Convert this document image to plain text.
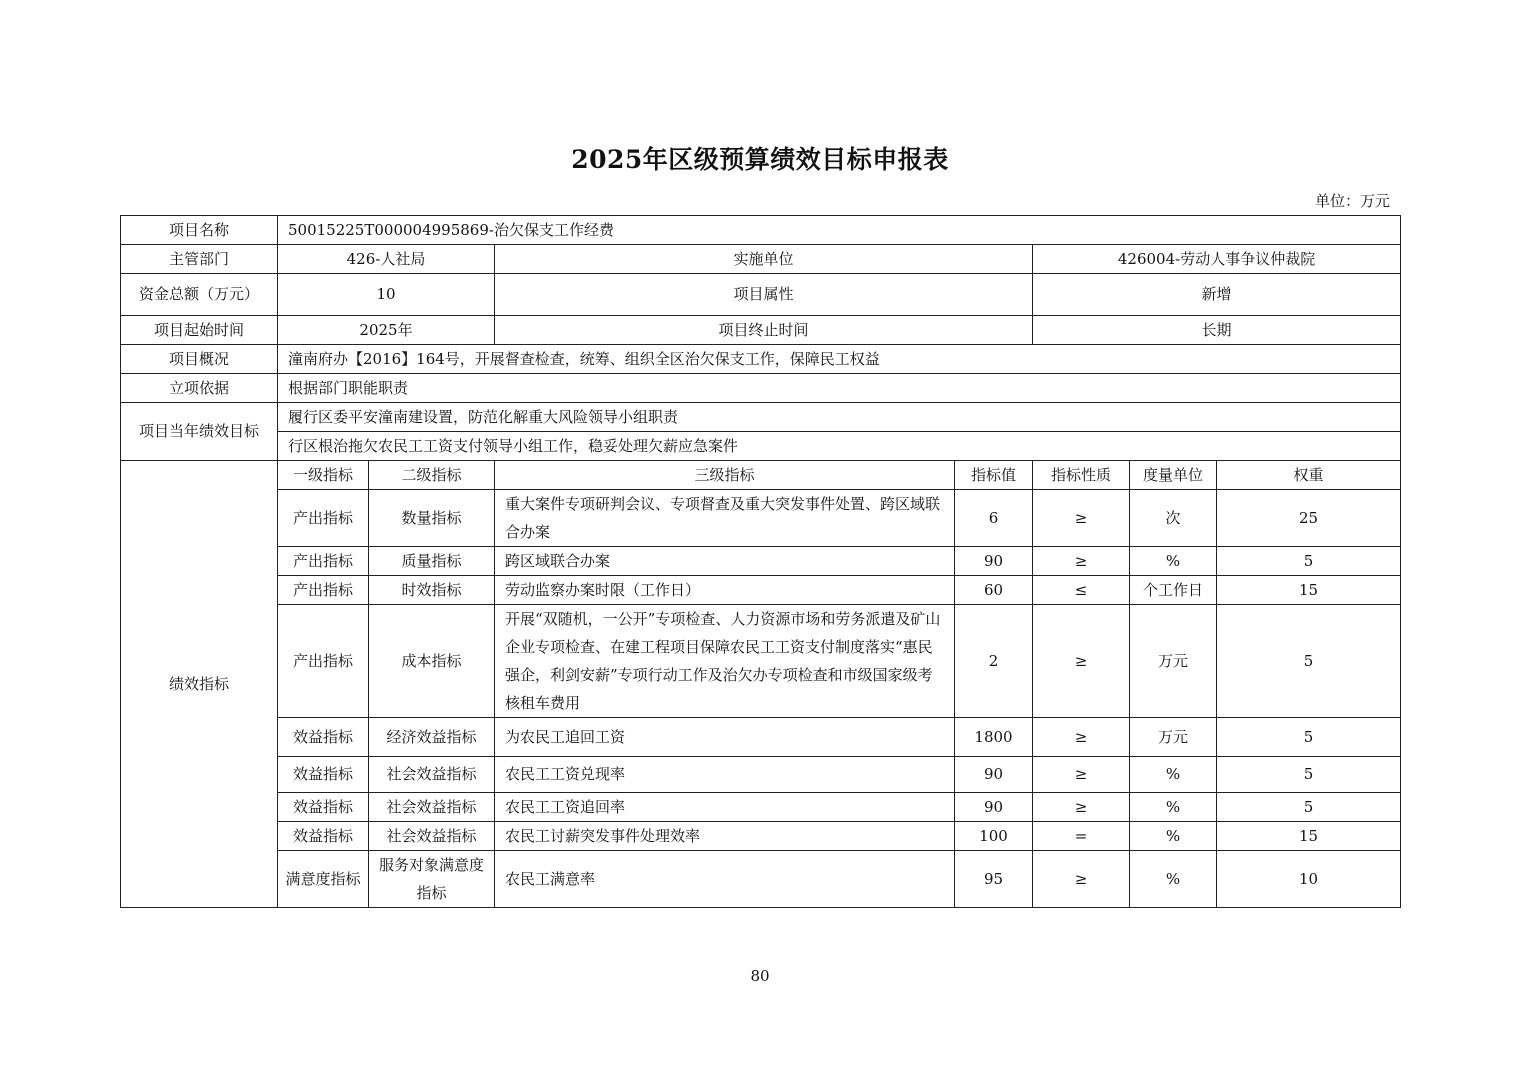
2025年区级预算绩效目标申报表
单位：万元
项目名称	50015225T000004995869-治欠保支工作经费						
主管部门	426-人社局		实施单位		426004-劳动人事争议仲裁院		
资金总额（万元）	10		项目属性		新增		
项目起始时间	2025年		项目终止时间		长期		
项目概况	潼南府办【2016】164号，开展督查检查，统筹、组织全区治欠保支工作，保障民工权益						
立项依据	根据部门职能职责						
项目当年绩效目标	履行区委平安潼南建设置，防范化解重大风险领导小组职责						
	行区根治拖欠农民工工资支付领导小组工作，稳妥处理欠薪应急案件						
绩效指标	一级指标	二级指标	三级指标	指标值	指标性质	度量单位	权重
	产出指标	数量指标	重大案件专项研判会议、专项督查及重大突发事件处置、跨区域联合办案	6	≥	次	25
	产出指标	质量指标	跨区域联合办案	90	≥	%	5
	产出指标	时效指标	劳动监察办案时限（工作日）	60	≤	个工作日	15
	产出指标	成本指标	开展“双随机，一公开”专项检查、人力资源市场和劳务派遣及矿山企业专项检查、在建工程项目保障农民工工资支付制度落实“惠民强企，利剑安薪”专项行动工作及治欠办专项检查和市级国家级考核租车费用	2	≥	万元	5
	效益指标	经济效益指标	为农民工追回工资	1800	≥	万元	5
	效益指标	社会效益指标	农民工工资兑现率	90	≥	%	5
	效益指标	社会效益指标	农民工工资追回率	90	≥	%	5
	效益指标	社会效益指标	农民工讨薪突发事件处理效率	100	=	%	15
	满意度指标	服务对象满意度指标	农民工满意率	95	≥	%	10
80
